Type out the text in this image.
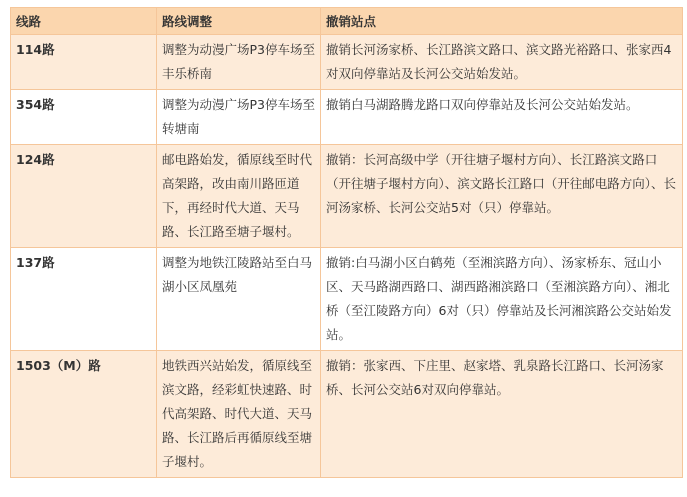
线路	路线调整	撤销站点

114路	调整为动漫广场P3停车场至丰乐桥南	撤销长河汤家桥、长江路滨文路口、滨文路光裕路口、张家西4对双向停靠站及长河公交站始发站。

354路	调整为动漫广场P3停车场至转塘南	撤销白马湖路腾龙路口双向停靠站及长河公交站始发站。

124路	邮电路始发，循原线至时代高架路，改由南川路匝道下，再经时代大道、天马路、长江路至塘子堰村。	撤销：长河高级中学（开往塘子堰村方向）、长江路滨文路口（开往塘子堰村方向）、滨文路长江路口（开往邮电路方向）、长河汤家桥、长河公交站5对（只）停靠站。

137路	调整为地铁江陵路站至白马湖小区凤凰苑	撤销:白马湖小区白鹤苑（至湘滨路方向）、汤家桥东、冠山小区、天马路湖西路口、湖西路湘滨路口（至湘滨路方向）、湘北桥（至江陵路方向）6对（只）停靠站及长河湘滨路公交站始发站。

1503（M）路	地铁西兴站始发，循原线至滨文路，经彩虹快速路、时代高架路、时代大道、天马路、长江路后再循原线至塘子堰村。	撤销：张家西、下庄里、赵家塔、乳泉路长江路口、长河汤家桥、长河公交站6对双向停靠站。
